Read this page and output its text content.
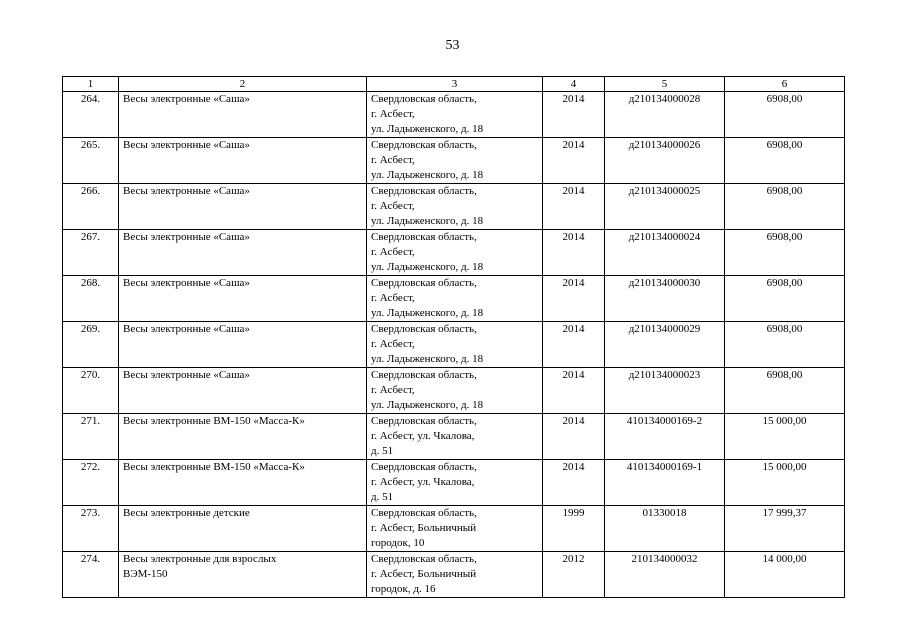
53
1	2	3	4	5	6
264.	Весы электронные «Саша»	Свердловская область,
г. Асбест,
ул. Ладыженского, д. 18	2014	д210134000028	6908,00
265.	Весы электронные «Саша»	Свердловская область,
г. Асбест,
ул. Ладыженского, д. 18	2014	д210134000026	6908,00
266.	Весы электронные «Саша»	Свердловская область,
г. Асбест,
ул. Ладыженского, д. 18	2014	д210134000025	6908,00
267.	Весы электронные «Саша»	Свердловская область,
г. Асбест,
ул. Ладыженского, д. 18	2014	д210134000024	6908,00
268.	Весы электронные «Саша»	Свердловская область,
г. Асбест,
ул. Ладыженского, д. 18	2014	д210134000030	6908,00
269.	Весы электронные «Саша»	Свердловская область,
г. Асбест,
ул. Ладыженского, д. 18	2014	д210134000029	6908,00
270.	Весы электронные «Саша»	Свердловская область,
г. Асбест,
ул. Ладыженского, д. 18	2014	д210134000023	6908,00
271.	Весы электронные ВМ-150 «Масса-К»	Свердловская область,
г. Асбест, ул. Чкалова,
д. 51	2014	410134000169-2	15 000,00
272.	Весы электронные ВМ-150 «Масса-К»	Свердловская область,
г. Асбест, ул. Чкалова,
д. 51	2014	410134000169-1	15 000,00
273.	Весы электронные детские	Свердловская область,
г. Асбест, Больничный
городок, 10	1999	01330018	17 999,37
274.	Весы электронные для взрослых
ВЭМ-150	Свердловская область,
г. Асбест, Больничный
городок, д. 16	2012	210134000032	14 000,00
